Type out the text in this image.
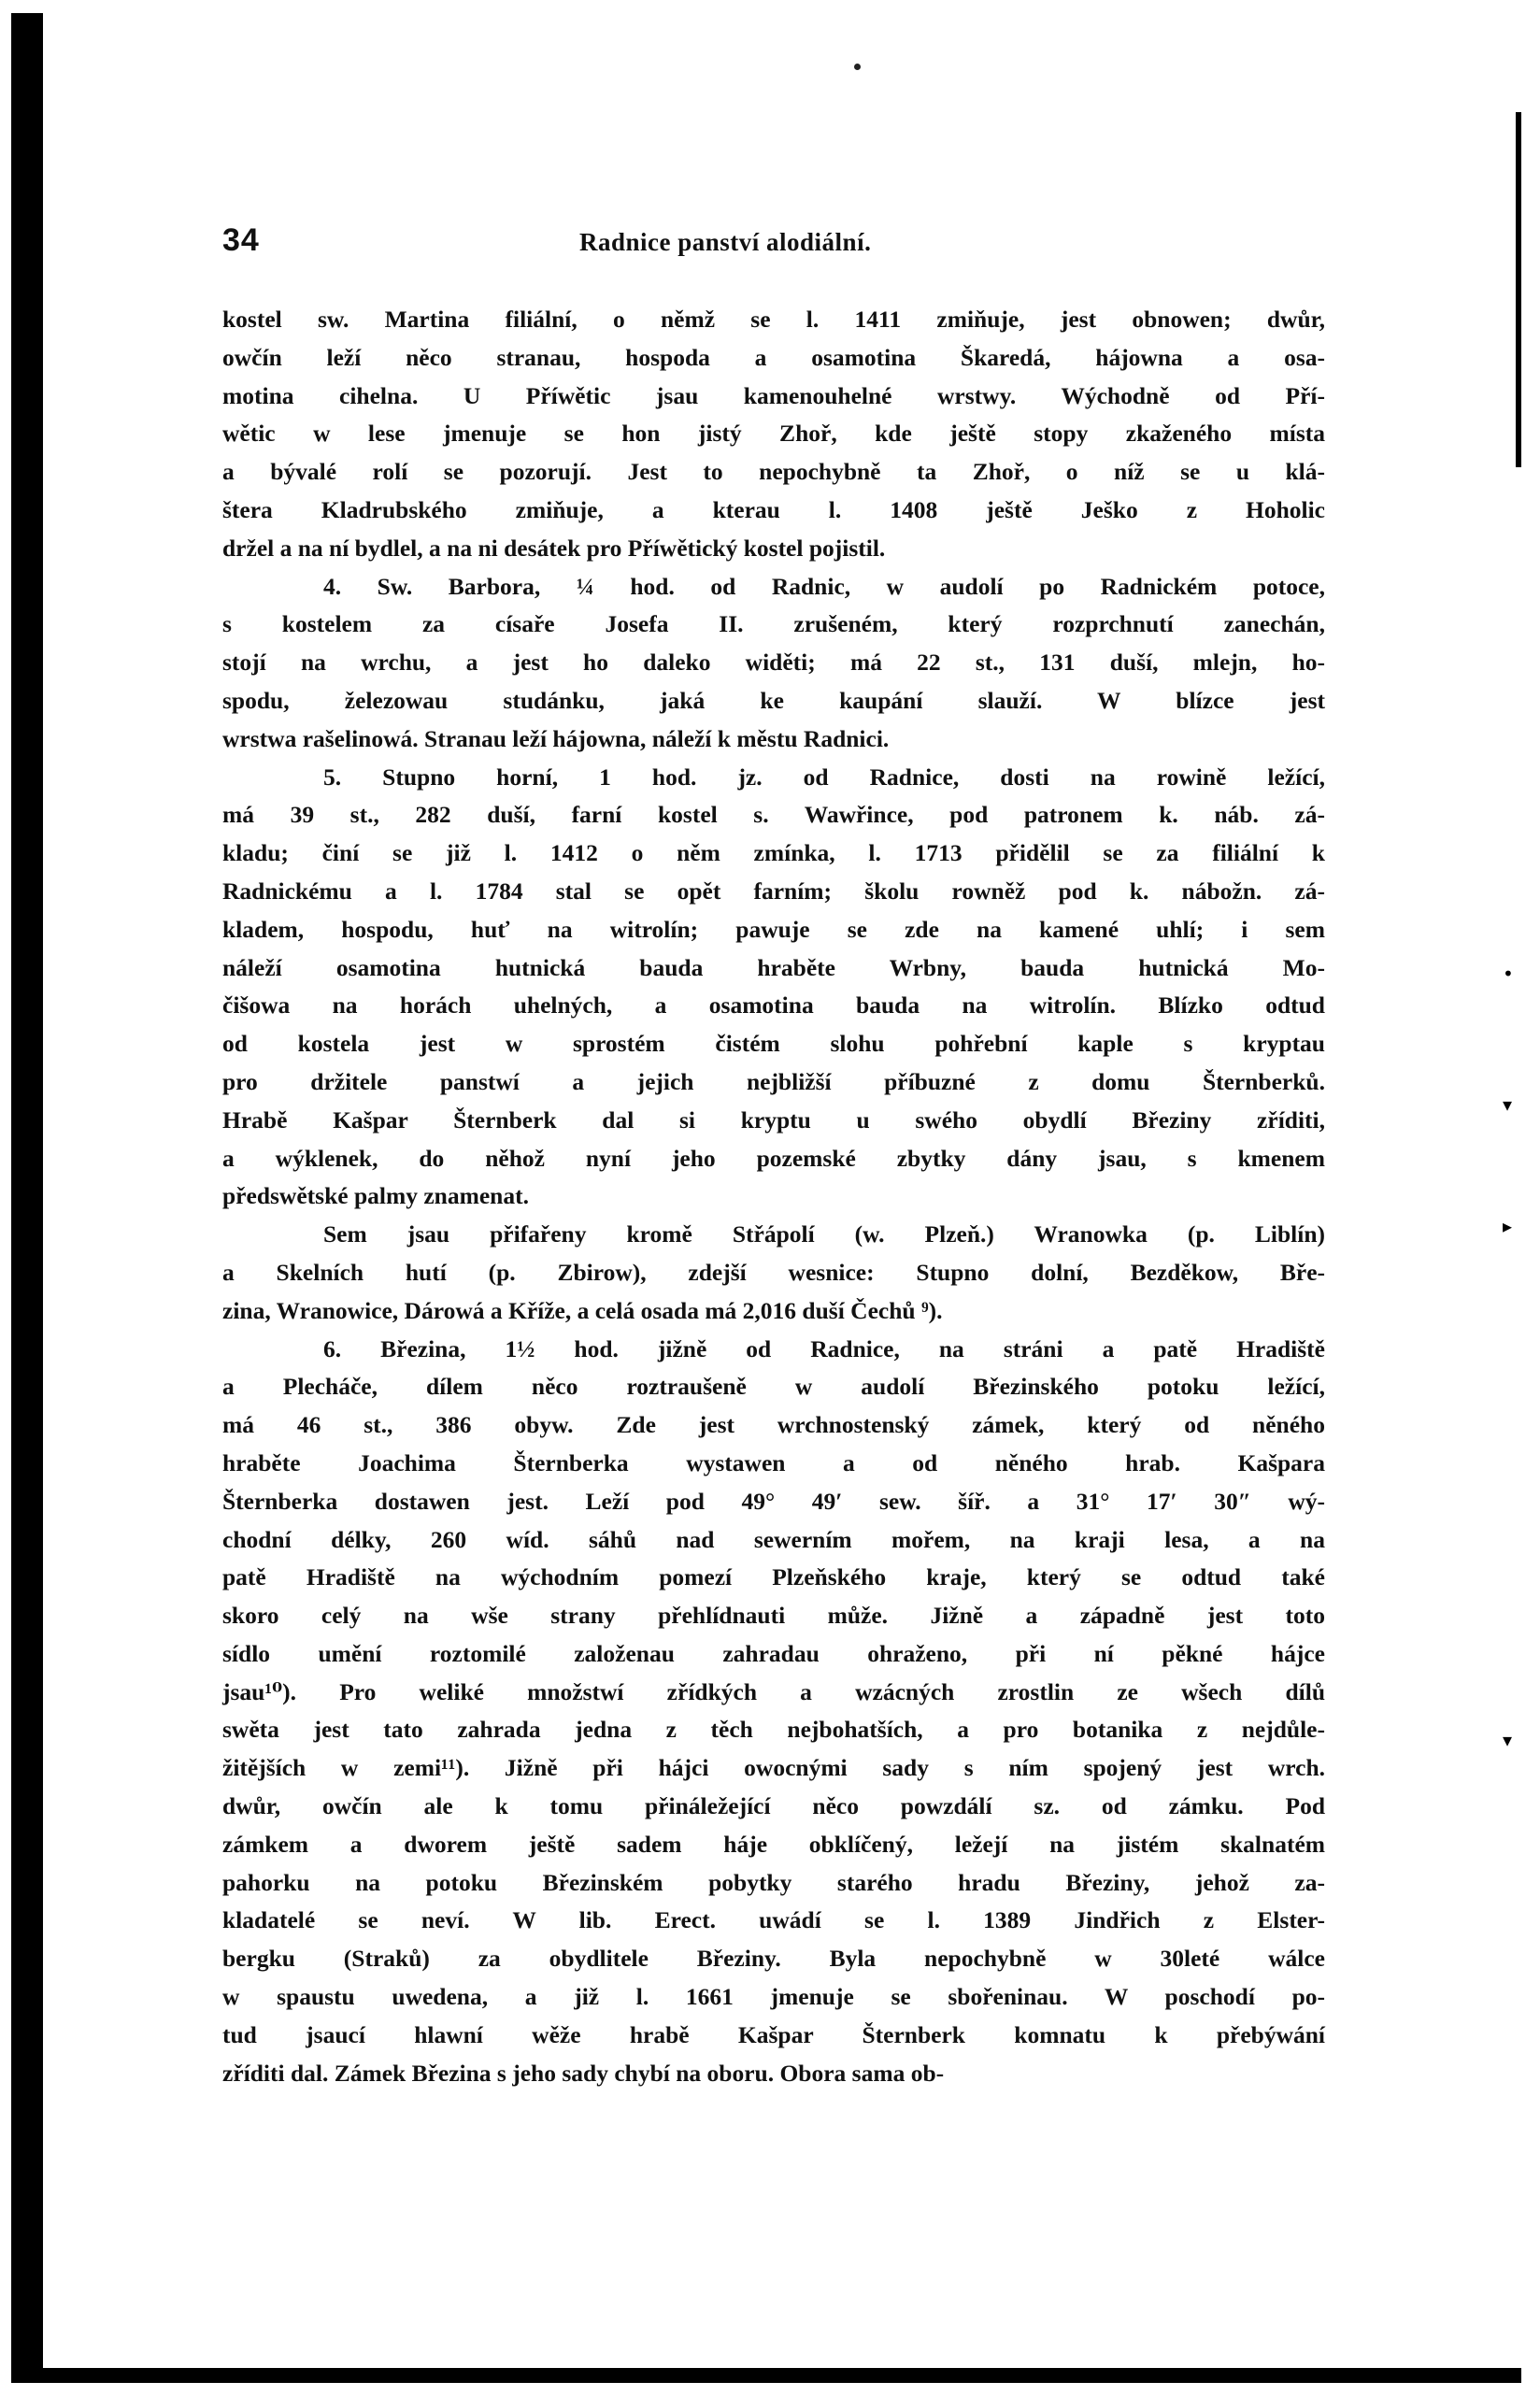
•
▾
▸
▾
34	Radnice panství alodiální.
kostel sw. Martina filiální, o němž se l. 1411 zmiňuje, jest obnowen; dwůr,
owčín leží něco stranau, hospoda a osamotina Škaredá, hájowna a osa-
motina cihelna. U Příwětic jsau kamenouhelné wrstwy. Wýchodně od Pří-
wětic w lese jmenuje se hon jistý Zhoř, kde ještě stopy zkaženého místa
a bývalé rolí se pozorují. Jest to nepochybně ta Zhoř, o níž se u klá-
štera Kladrubského zmiňuje, a kterau l. 1408 ještě Ješko z Hoholic
držel a na ní bydlel, a na ni desátek pro Příwětický kostel pojistil.
4. Sw. Barbora, ¼ hod. od Radnic, w audolí po Radnickém potoce,
s kostelem za císaře Josefa II. zrušeném, který rozprchnutí zanechán,
stojí na wrchu, a jest ho daleko widěti; má 22 st., 131 duší, mlejn, ho-
spodu, železowau studánku, jaká ke kaupání slauží. W blízce jest
wrstwa rašelinowá. Stranau leží hájowna, náleží k městu Radnici.
5. Stupno horní, 1 hod. jz. od Radnice, dosti na rowině ležící,
má 39 st., 282 duší, farní kostel s. Wawřince, pod patronem k. náb. zá-
kladu; činí se již l. 1412 o něm zmínka, l. 1713 přidělil se za filiální k
Radnickému a l. 1784 stal se opět farním; školu rowněž pod k. nábožn. zá-
kladem, hospodu, huť na witrolín; pawuje se zde na kamené uhlí; i sem
náleží osamotina hutnická bauda hraběte Wrbny, bauda hutnická Mo-
čišowa na horách uhelných, a osamotina bauda na witrolín. Blízko odtud
od kostela jest w sprostém čistém slohu pohřební kaple s kryptau
pro držitele panstwí a jejich nejbližší příbuzné z domu Šternberků.
Hrabě Kašpar Šternberk dal si kryptu u swého obydlí Březiny zříditi,
a wýklenek, do něhož nyní jeho pozemské zbytky dány jsau, s kmenem
předswětské palmy znamenat.
Sem jsau přifařeny kromě Střápolí (w. Plzeň.) Wranowka (p. Liblín)
a Skelních hutí (p. Zbirow), zdejší wesnice: Stupno dolní, Bezděkow, Bře-
zina, Wranowice, Dárowá a Kříže, a celá osada má 2,016 duší Čechů ⁹).
6. Březina, 1½ hod. jižně od Radnice, na stráni a patě Hradiště
a Plecháče, dílem něco roztraušeně w audolí Březinského potoku ležící,
má 46 st., 386 obyw. Zde jest wrchnostenský zámek, který od něného
hraběte Joachima Šternberka wystawen a od něného hrab. Kašpara
Šternberka dostawen jest. Leží pod 49° 49′ sew. šíř. a 31° 17′ 30″ wý-
chodní délky, 260 wíd. sáhů nad sewerním mořem, na kraji lesa, a na
patě Hradiště na wýchodním pomezí Plzeňského kraje, který se odtud také
skoro celý na wše strany přehlídnauti může. Jižně a západně jest toto
sídlo umění roztomilé založenau zahradau ohraženo, při ní pěkné hájce
jsau¹⁰). Pro weliké množstwí zřídkých a wzácných zrostlin ze wšech dílů
swěta jest tato zahrada jedna z těch nejbohatších, a pro botanika z nejdůle-
žitějších w zemi¹¹). Jižně při hájci owocnými sady s ním spojený jest wrch.
dwůr, owčín ale k tomu přináležející něco powzdálí sz. od zámku. Pod
zámkem a dworem ještě sadem háje obklíčený, ležejí na jistém skalnatém
pahorku na potoku Březinském pobytky starého hradu Březiny, jehož za-
kladatelé se neví. W lib. Erect. uwádí se l. 1389 Jindřich z Elster-
bergku (Straků) za obydlitele Březiny. Byla nepochybně w 30leté wálce
w spaustu uwedena, a již l. 1661 jmenuje se sbořeninau. W poschodí po-
tud jsaucí hlawní wěže hrabě Kašpar Šternberk komnatu k přebýwání
zříditi dal. Zámek Březina s jeho sady chybí na oboru. Obora sama ob-
